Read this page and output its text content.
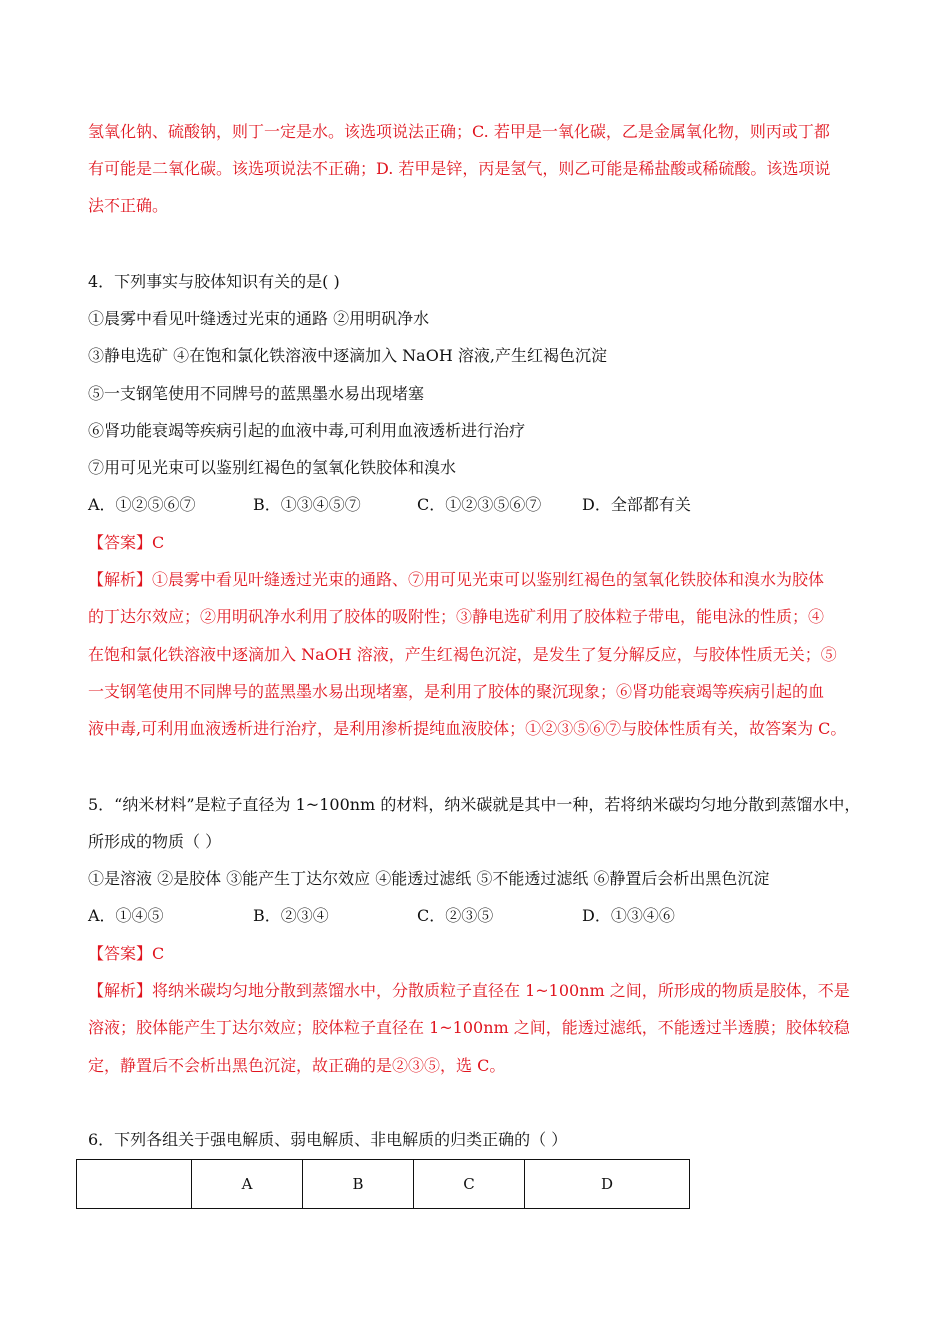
氢氧化钠、硫酸钠，则丁一定是水。该选项说法正确；C. 若甲是一氧化碳，乙是金属氧化物，则丙或丁都
有可能是二氧化碳。该选项说法不正确；D. 若甲是锌，丙是氢气，则乙可能是稀盐酸或稀硫酸。该选项说
法不正确。
4．下列事实与胶体知识有关的是( )
①晨雾中看见叶缝透过光束的通路 ②用明矾净水
③静电选矿 ④在饱和氯化铁溶液中逐滴加入 NaOH 溶液,产生红褐色沉淀
⑤一支钢笔使用不同牌号的蓝黑墨水易出现堵塞
⑥肾功能衰竭等疾病引起的血液中毒,可利用血液透析进行治疗
⑦用可见光束可以鉴别红褐色的氢氧化铁胶体和溴水
A．①②⑤⑥⑦	B．①③④⑤⑦	C．①②③⑤⑥⑦	D．全部都有关
【答案】C
【解析】①晨雾中看见叶缝透过光束的通路、⑦用可见光束可以鉴别红褐色的氢氧化铁胶体和溴水为胶体
的丁达尔效应；②用明矾净水利用了胶体的吸附性；③静电选矿利用了胶体粒子带电，能电泳的性质；④
在饱和氯化铁溶液中逐滴加入 NaOH 溶液，产生红褐色沉淀，是发生了复分解反应，与胶体性质无关；⑤
一支钢笔使用不同牌号的蓝黑墨水易出现堵塞，是利用了胶体的聚沉现象；⑥肾功能衰竭等疾病引起的血
液中毒,可利用血液透析进行治疗，是利用渗析提纯血液胶体；①②③⑤⑥⑦与胶体性质有关，故答案为 C。
5．“纳米材料”是粒子直径为 1~100nm 的材料，纳米碳就是其中一种，若将纳米碳均匀地分散到蒸馏水中，
所形成的物质（ ）
①是溶液 ②是胶体 ③能产生丁达尔效应 ④能透过滤纸 ⑤不能透过滤纸 ⑥静置后会析出黑色沉淀
A．①④⑤	B．②③④	C．②③⑤	D．①③④⑥
【答案】C
【解析】将纳米碳均匀地分散到蒸馏水中，分散质粒子直径在 1~100nm 之间，所形成的物质是胶体，不是
溶液；胶体能产生丁达尔效应；胶体粒子直径在 1~100nm 之间，能透过滤纸，不能透过半透膜；胶体较稳
定，静置后不会析出黑色沉淀，故正确的是②③⑤，选 C。
6．下列各组关于强电解质、弱电解质、非电解质的归类正确的（ ）
	A	B	C	D
